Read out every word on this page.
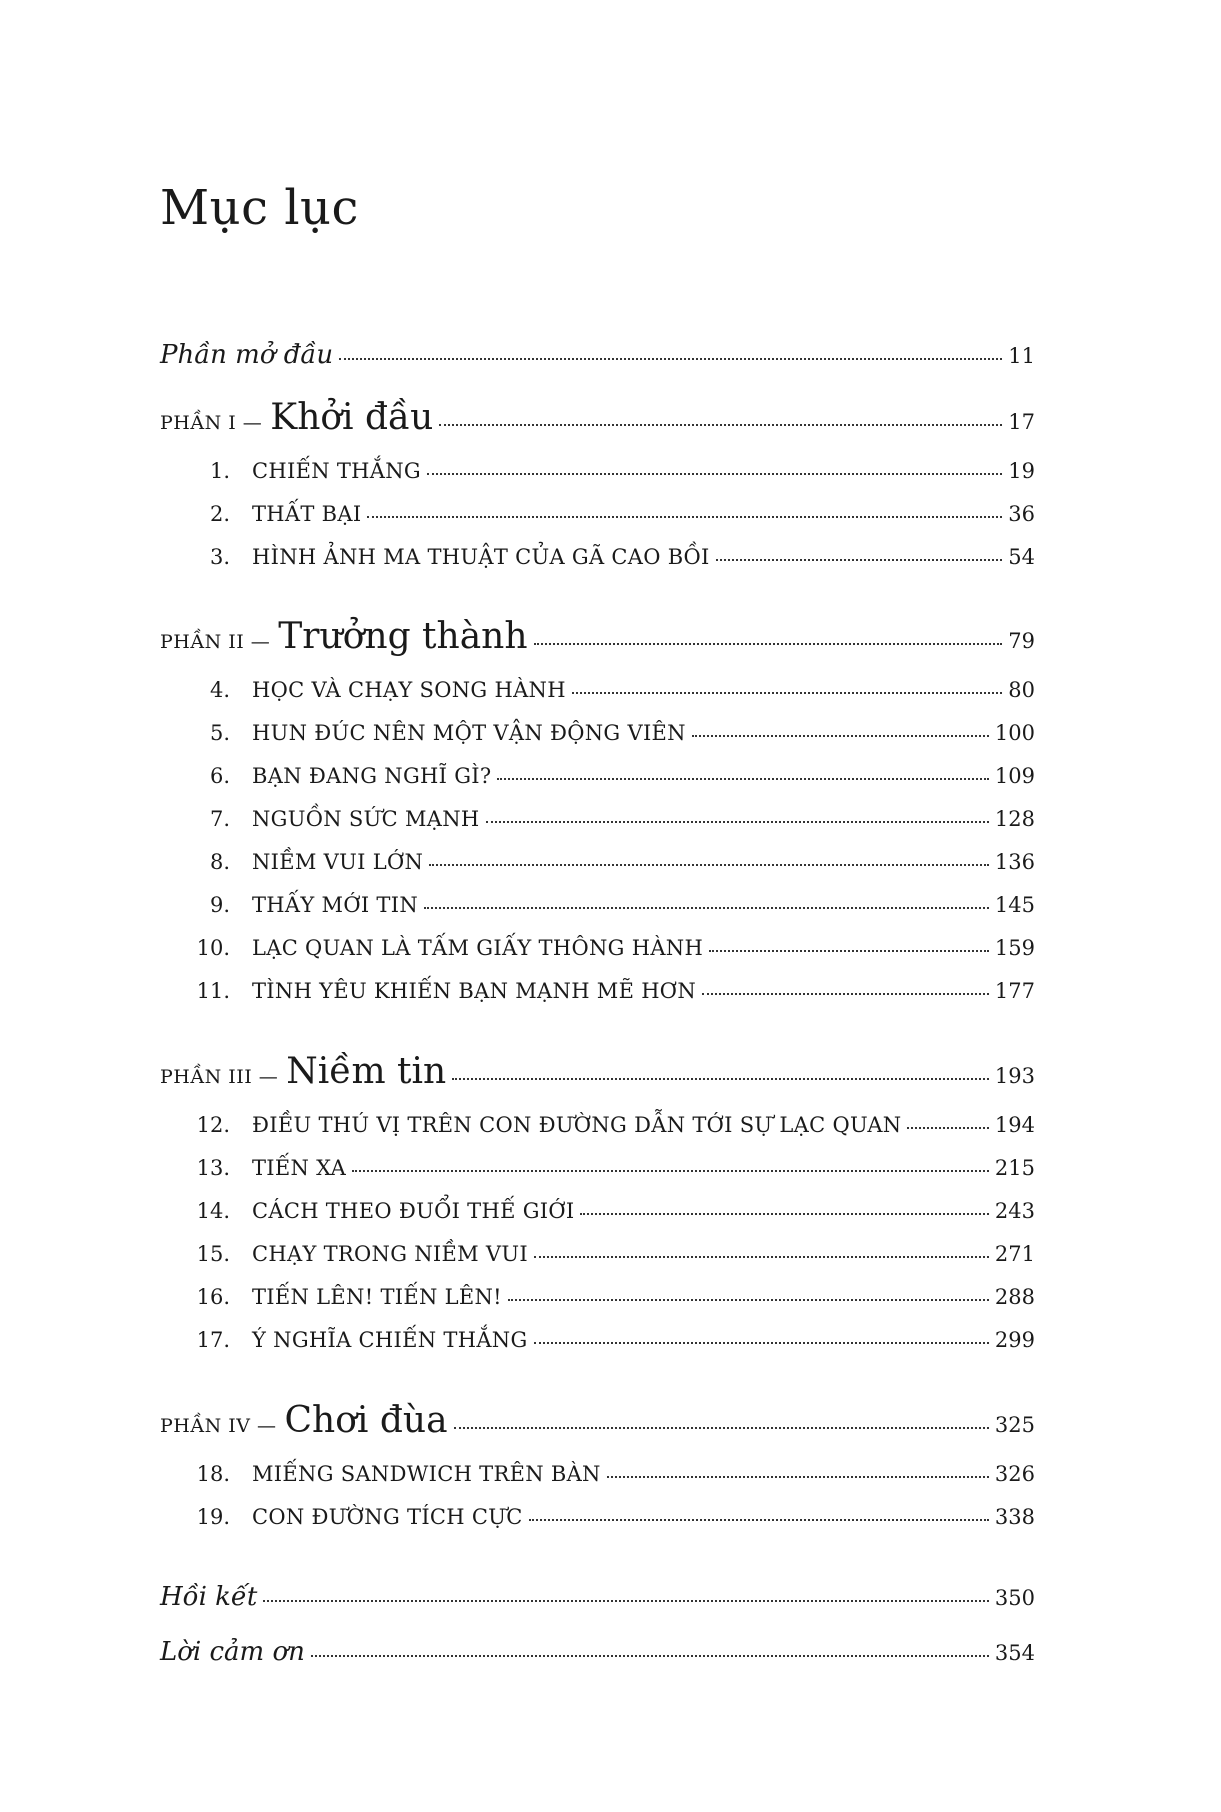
Mục lục
Phần mở đầu	11
PHẦN I — Khởi đầu	17
1. CHIẾN THẮNG	19
2. THẤT BẠI	36
3. HÌNH ẢNH MA THUẬT CỦA GÃ CAO BỒI	54
PHẦN II — Trưởng thành	79
4. HỌC VÀ CHẠY SONG HÀNH	80
5. HUN ĐÚC NÊN MỘT VẬN ĐỘNG VIÊN	100
6. BẠN ĐANG NGHĨ GÌ?	109
7. NGUỒN SỨC MẠNH	128
8. NIỀM VUI LỚN	136
9. THẤY MỚI TIN	145
10. LẠC QUAN LÀ TẤM GIẤY THÔNG HÀNH	159
11. TÌNH YÊU KHIẾN BẠN MẠNH MẼ HƠN	177
PHẦN III — Niềm tin	193
12. ĐIỀU THÚ VỊ TRÊN CON ĐƯỜNG DẪN TỚI SỰ LẠC QUAN	194
13. TIẾN XA	215
14. CÁCH THEO ĐUỔI THẾ GIỚI	243
15. CHẠY TRONG NIỀM VUI	271
16. TIẾN LÊN! TIẾN LÊN!	288
17. Ý NGHĨA CHIẾN THẮNG	299
PHẦN IV — Chơi đùa	325
18. MIẾNG SANDWICH TRÊN BÀN	326
19. CON ĐƯỜNG TÍCH CỰC	338
Hồi kết	350
Lời cảm ơn	354
